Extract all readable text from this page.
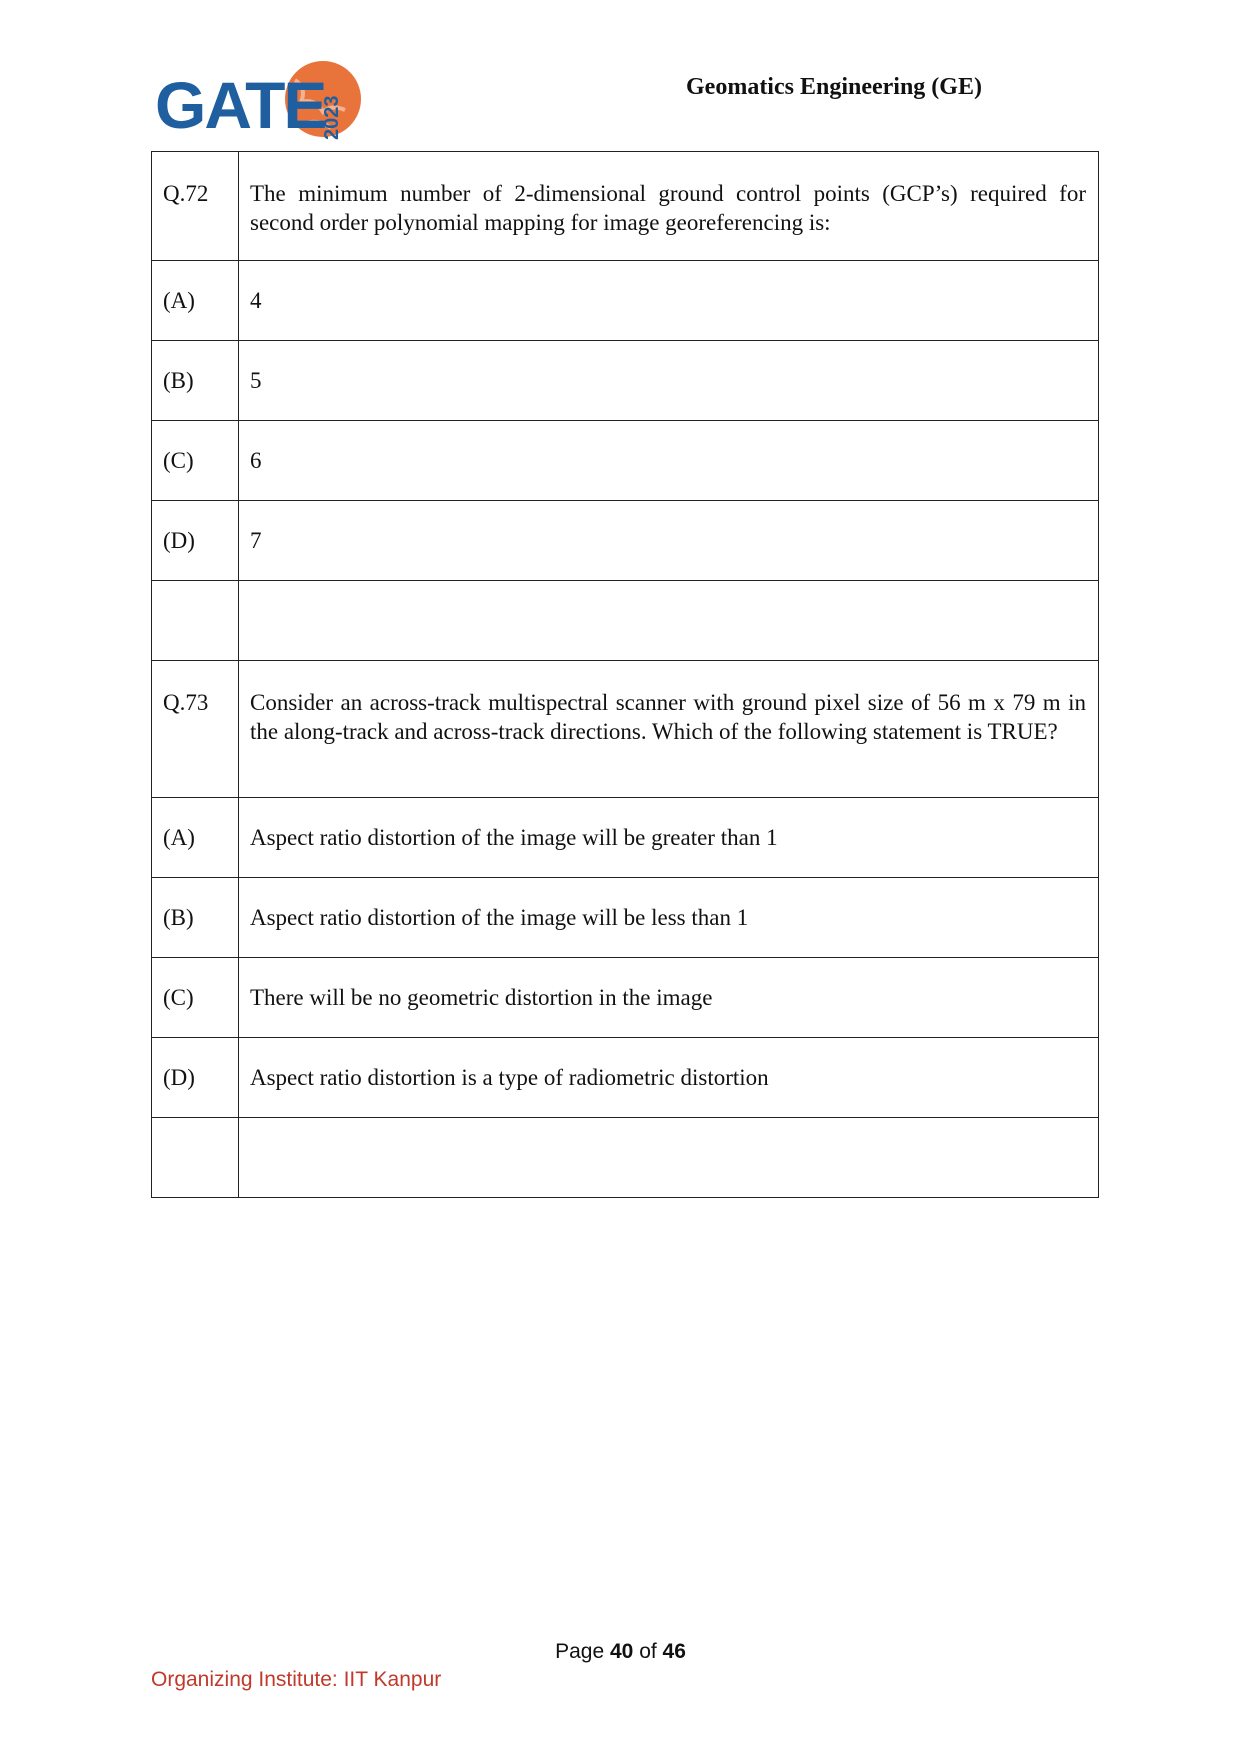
GATE
2023
Geomatics Engineering (GE)
Q.72	The minimum number of 2-dimensional ground control points (GCP’s) required for second order polynomial mapping for image georeferencing is:

(A)	4

(B)	5

(C)	6

(D)	7

Q.73	Consider an across-track multispectral scanner with ground pixel size of 56 m x 79 m in the along-track and across-track directions. Which of the following statement is TRUE?

(A)	Aspect ratio distortion of the image will be greater than 1

(B)	Aspect ratio distortion of the image will be less than 1

(C)	There will be no geometric distortion in the image

(D)	Aspect ratio distortion is a type of radiometric distortion

Page 40 of 46
Organizing Institute: IIT Kanpur
